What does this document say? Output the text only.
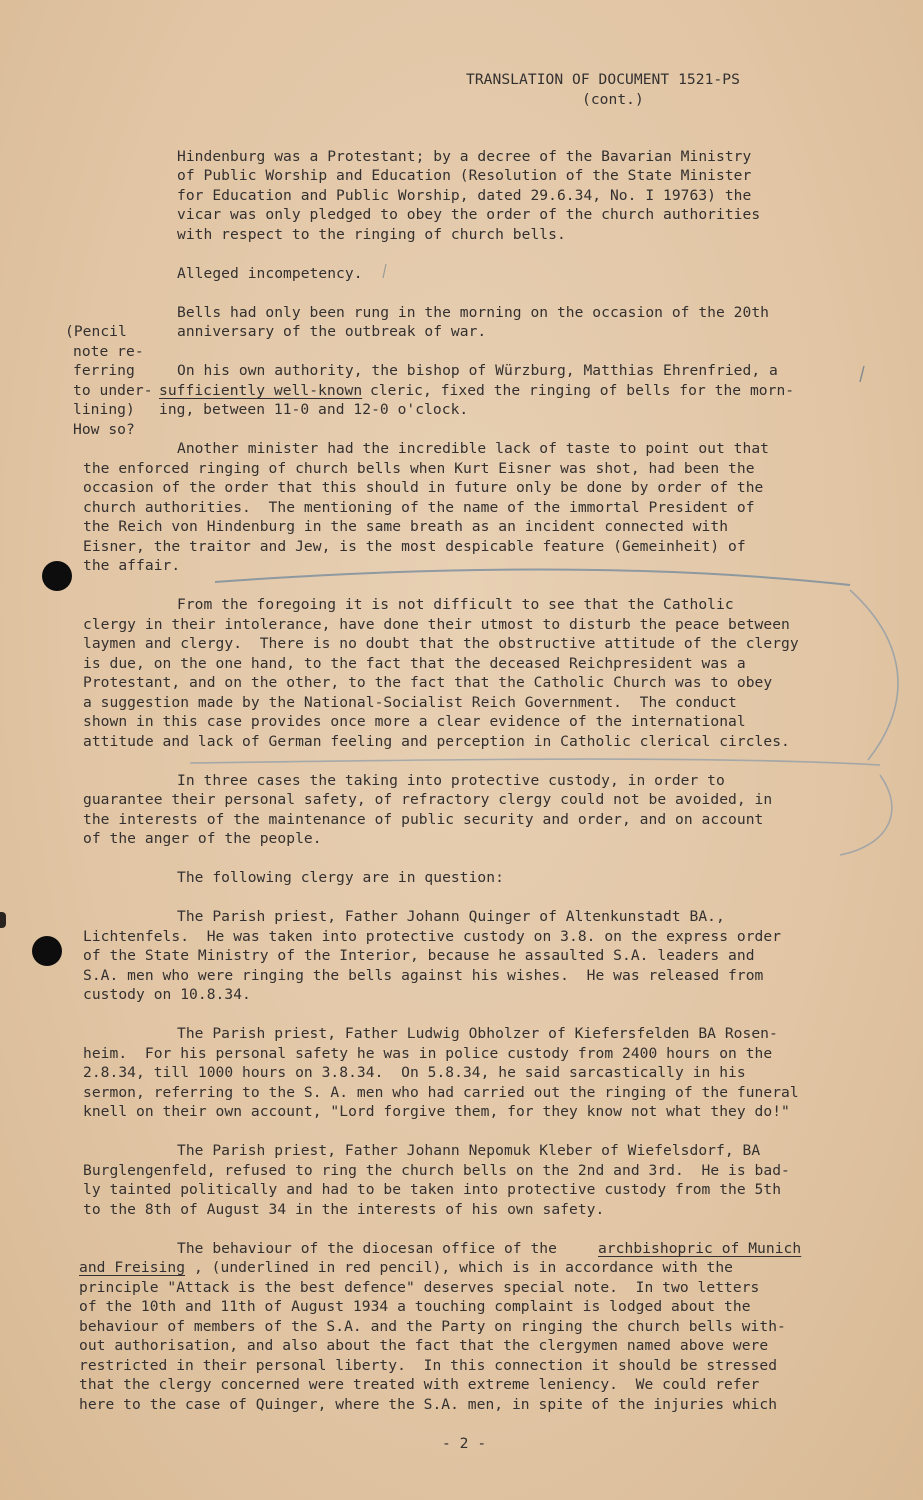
TRANSLATION OF DOCUMENT 1521-PS
(cont.)
Hindenburg was a Protestant; by a decree of the Bavarian Ministry
of Public Worship and Education (Resolution of the State Minister
for Education and Public Worship, dated 29.6.34, No. I 19763) the
vicar was only pledged to obey the order of the church authorities
with respect to the ringing of church bells.
Alleged incompetency.
Bells had only been rung in the morning on the occasion of the 20th
anniversary of the outbreak of war.
(Pencil
note re-
ferring
to under-
lining)
How so?
On his own authority, the bishop of Würzburg, Matthias Ehrenfried, a
sufficiently well-known cleric, fixed the ringing of bells for the morn-
ing, between 11-0 and 12-0 o'clock.
Another minister had the incredible lack of taste to point out that
the enforced ringing of church bells when Kurt Eisner was shot, had been the
occasion of the order that this should in future only be done by order of the
church authorities.  The mentioning of the name of the immortal President of
the Reich von Hindenburg in the same breath as an incident connected with
Eisner, the traitor and Jew, is the most despicable feature (Gemeinheit) of
the affair.
From the foregoing it is not difficult to see that the Catholic
clergy in their intolerance, have done their utmost to disturb the peace between
laymen and clergy.  There is no doubt that the obstructive attitude of the clergy
is due, on the one hand, to the fact that the deceased Reichpresident was a
Protestant, and on the other, to the fact that the Catholic Church was to obey
a suggestion made by the National-Socialist Reich Government.  The conduct
shown in this case provides once more a clear evidence of the international
attitude and lack of German feeling and perception in Catholic clerical circles.
In three cases the taking into protective custody, in order to
guarantee their personal safety, of refractory clergy could not be avoided, in
the interests of the maintenance of public security and order, and on account
of the anger of the people.
The following clergy are in question:
The Parish priest, Father Johann Quinger of Altenkunstadt BA.,
Lichtenfels.  He was taken into protective custody on 3.8. on the express order
of the State Ministry of the Interior, because he assaulted S.A. leaders and
S.A. men who were ringing the bells against his wishes.  He was released from
custody on 10.8.34.
The Parish priest, Father Ludwig Obholzer of Kiefersfelden BA Rosen-
heim.  For his personal safety he was in police custody from 2400 hours on the
2.8.34, till 1000 hours on 3.8.34.  On 5.8.34, he said sarcastically in his
sermon, referring to the S. A. men who had carried out the ringing of the funeral
knell on their own account, "Lord forgive them, for they know not what they do!"
The Parish priest, Father Johann Nepomuk Kleber of Wiefelsdorf, BA
Burglengenfeld, refused to ring the church bells on the 2nd and 3rd.  He is bad-
ly tainted politically and had to be taken into protective custody from the 5th
to the 8th of August 34 in the interests of his own safety.
The behaviour of the diocesan office of the	archbishopric of Munich
and Freising , (underlined in red pencil), which is in accordance with the
principle "Attack is the best defence" deserves special note.  In two letters
of the 10th and 11th of August 1934 a touching complaint is lodged about the
behaviour of members of the S.A. and the Party on ringing the church bells with-
out authorisation, and also about the fact that the clergymen named above were
restricted in their personal liberty.  In this connection it should be stressed
that the clergy concerned were treated with extreme leniency.  We could refer
here to the case of Quinger, where the S.A. men, in spite of the injuries which
- 2 -
